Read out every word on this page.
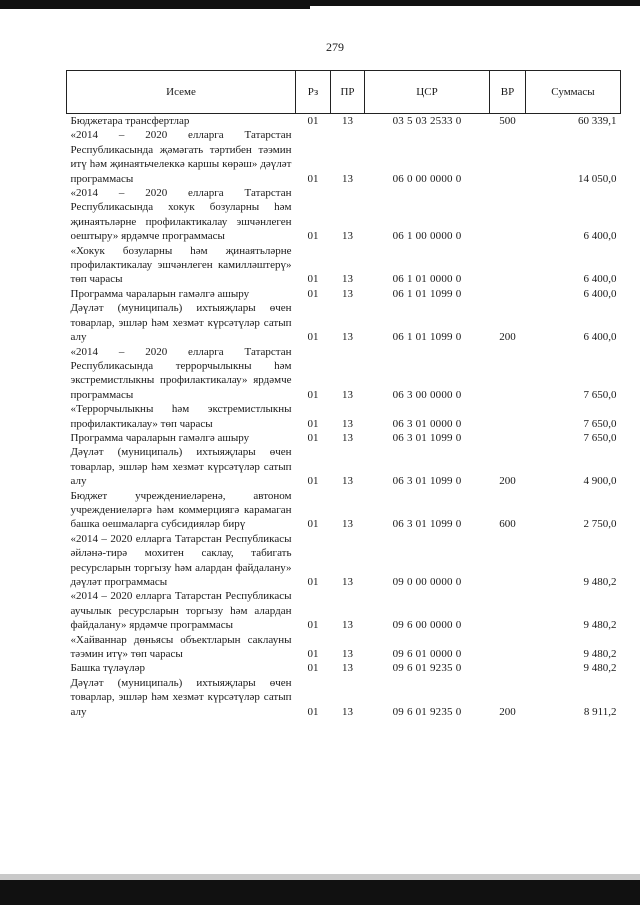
279
Исеме	Рз	ПР	ЦСР	ВР	Суммасы
Бюджетара трансфертлар	01	13	03 5 03 2533 0	500	60 339,1
«2014 – 2020 елларга Татарстан Республикасында җәмәгать тәртибен тәэмин итү һәм җинаятьчелеккә каршы көрәш» дәүләт программасы	01	13	06 0 00 0000 0		14 050,0
«2014 – 2020 елларга Татарстан Республикасында хокук бозуларны һәм җинаятьләрне профилактикалау эшчәнлеген оештыру» ярдәмче программасы	01	13	06 1 00 0000 0		6 400,0
«Хокук бозуларны һәм җинаятьләрне профилактикалау эшчәнлеген камилләштерү» төп чарасы	01	13	06 1 01 0000 0		6 400,0
Программа чараларын гамәлгә ашыру	01	13	06 1 01 1099 0		6 400,0
Дәүләт (муниципаль) ихтыяҗлары өчен товарлар, эшләр һәм хезмәт күрсәтүләр сатып алу	01	13	06 1 01 1099 0	200	6 400,0
«2014 – 2020 елларга Татарстан Республикасында террорчылыкны һәм экстремистлыкны профилактикалау» ярдәмче программасы	01	13	06 3 00 0000 0		7 650,0
«Террорчылыкны һәм экстремистлыкны профилактикалау» төп чарасы	01	13	06 3 01 0000 0		7 650,0
Программа чараларын гамәлгә ашыру	01	13	06 3 01 1099 0		7 650,0
Дәүләт (муниципаль) ихтыяҗлары өчен товарлар, эшләр һәм хезмәт күрсәтүләр сатып алу	01	13	06 3 01 1099 0	200	4 900,0
Бюджет учреждениеләренә, автоном учреждениеләргә һәм коммерциягә карамаган башка оешмаларга субсидияләр бирү	01	13	06 3 01 1099 0	600	2 750,0
«2014 – 2020 елларга Татарстан Республикасы әйләнә-тирә мохитен саклау, табигать ресурсларын торгызу һәм алардан файдалану» дәүләт программасы	01	13	09 0 00 0000 0		9 480,2
«2014 – 2020 елларга Татарстан Республикасы аучылык ресурсларын торгызу һәм алардан файдалану» ярдәмче программасы	01	13	09 6 00 0000 0		9 480,2
«Хайваннар дөньясы объектларын саклауны тәэмин итү» төп чарасы	01	13	09 6 01 0000 0		9 480,2
Башка түләүләр	01	13	09 6 01 9235 0		9 480,2
Дәүләт (муниципаль) ихтыяҗлары өчен товарлар, эшләр һәм хезмәт күрсәтүләр сатып алу	01	13	09 6 01 9235 0	200	8 911,2
